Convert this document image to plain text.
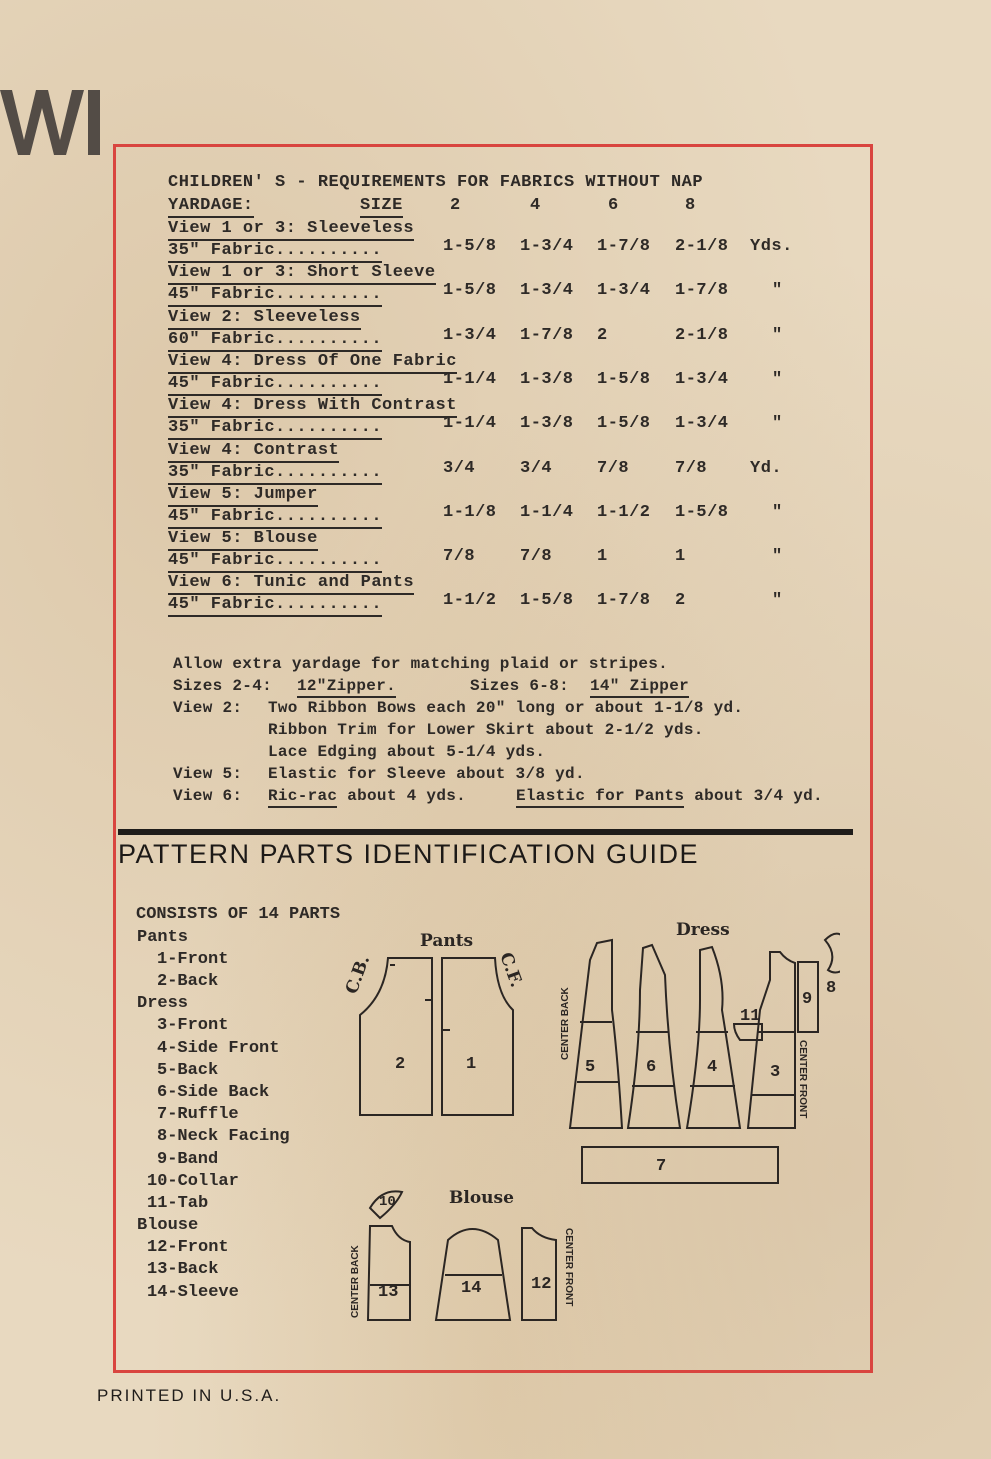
CHILDREN' S - REQUIREMENTS FOR FABRICS WITHOUT NAP
YARDAGE:	SIZE	2	4	6	8
View 1 or 3: Sleeveless
35" Fabric..........	1-5/8 1-3/4 1-7/8 2-1/8 Yds.
View 1 or 3: Short Sleeve
45" Fabric..........	1-5/8 1-3/4 1-3/4 1-7/8	"
View 2: Sleeveless
60" Fabric..........	1-3/4 1-7/8 2	2-1/8	"
View 4: Dress Of One Fabric
45" Fabric..........	1-1/4 1-3/8 1-5/8 1-3/4	"
View 4: Dress With Contrast
35" Fabric..........	1-1/4 1-3/8 1-5/8 1-3/4	"
View 4: Contrast
35" Fabric..........	3/4	3/4	7/8	7/8	Yd.
View 5: Jumper
45" Fabric..........	1-1/8 1-1/4 1-1/2 1-5/8	"
View 5: Blouse
45" Fabric..........	7/8	7/8	1	1	"
View 6: Tunic and Pants
45" Fabric..........	1-1/2 1-5/8 1-7/8 2	"
Allow extra yardage for matching plaid or stripes.
Sizes 2-4: 12"Zipper.	Sizes 6-8: 14" Zipper
View 2: Two Ribbon Bows each 20" long or about 1-1/8 yd.
Ribbon Trim for Lower Skirt about 2-1/2 yds.
Lace Edging about 5-1/4 yds.
View 5: Elastic for Sleeve about 3/8 yd.
View 6: Ric-rac about 4 yds.	Elastic for Pants about 3/4 yd.
PATTERN PARTS IDENTIFICATION GUIDE
CONSISTS OF 14 PARTS
Pants
1-Front
2-Back
Dress
3-Front
4-Side Front
5-Back
6-Side Back
7-Ruffle
8-Neck Facing
9-Band
10-Collar
11-Tab
Blouse
12-Front
13-Back
14-Sleeve
2	1	5	6	4	3
9
8
11
7
10
13	14	12
Pants
Dress
Blouse
C.B.	C.F.
CENTER BACK
CENTER FRONT
CENTER BACK	CENTER FRONT
PRINTED IN U.S.A.
